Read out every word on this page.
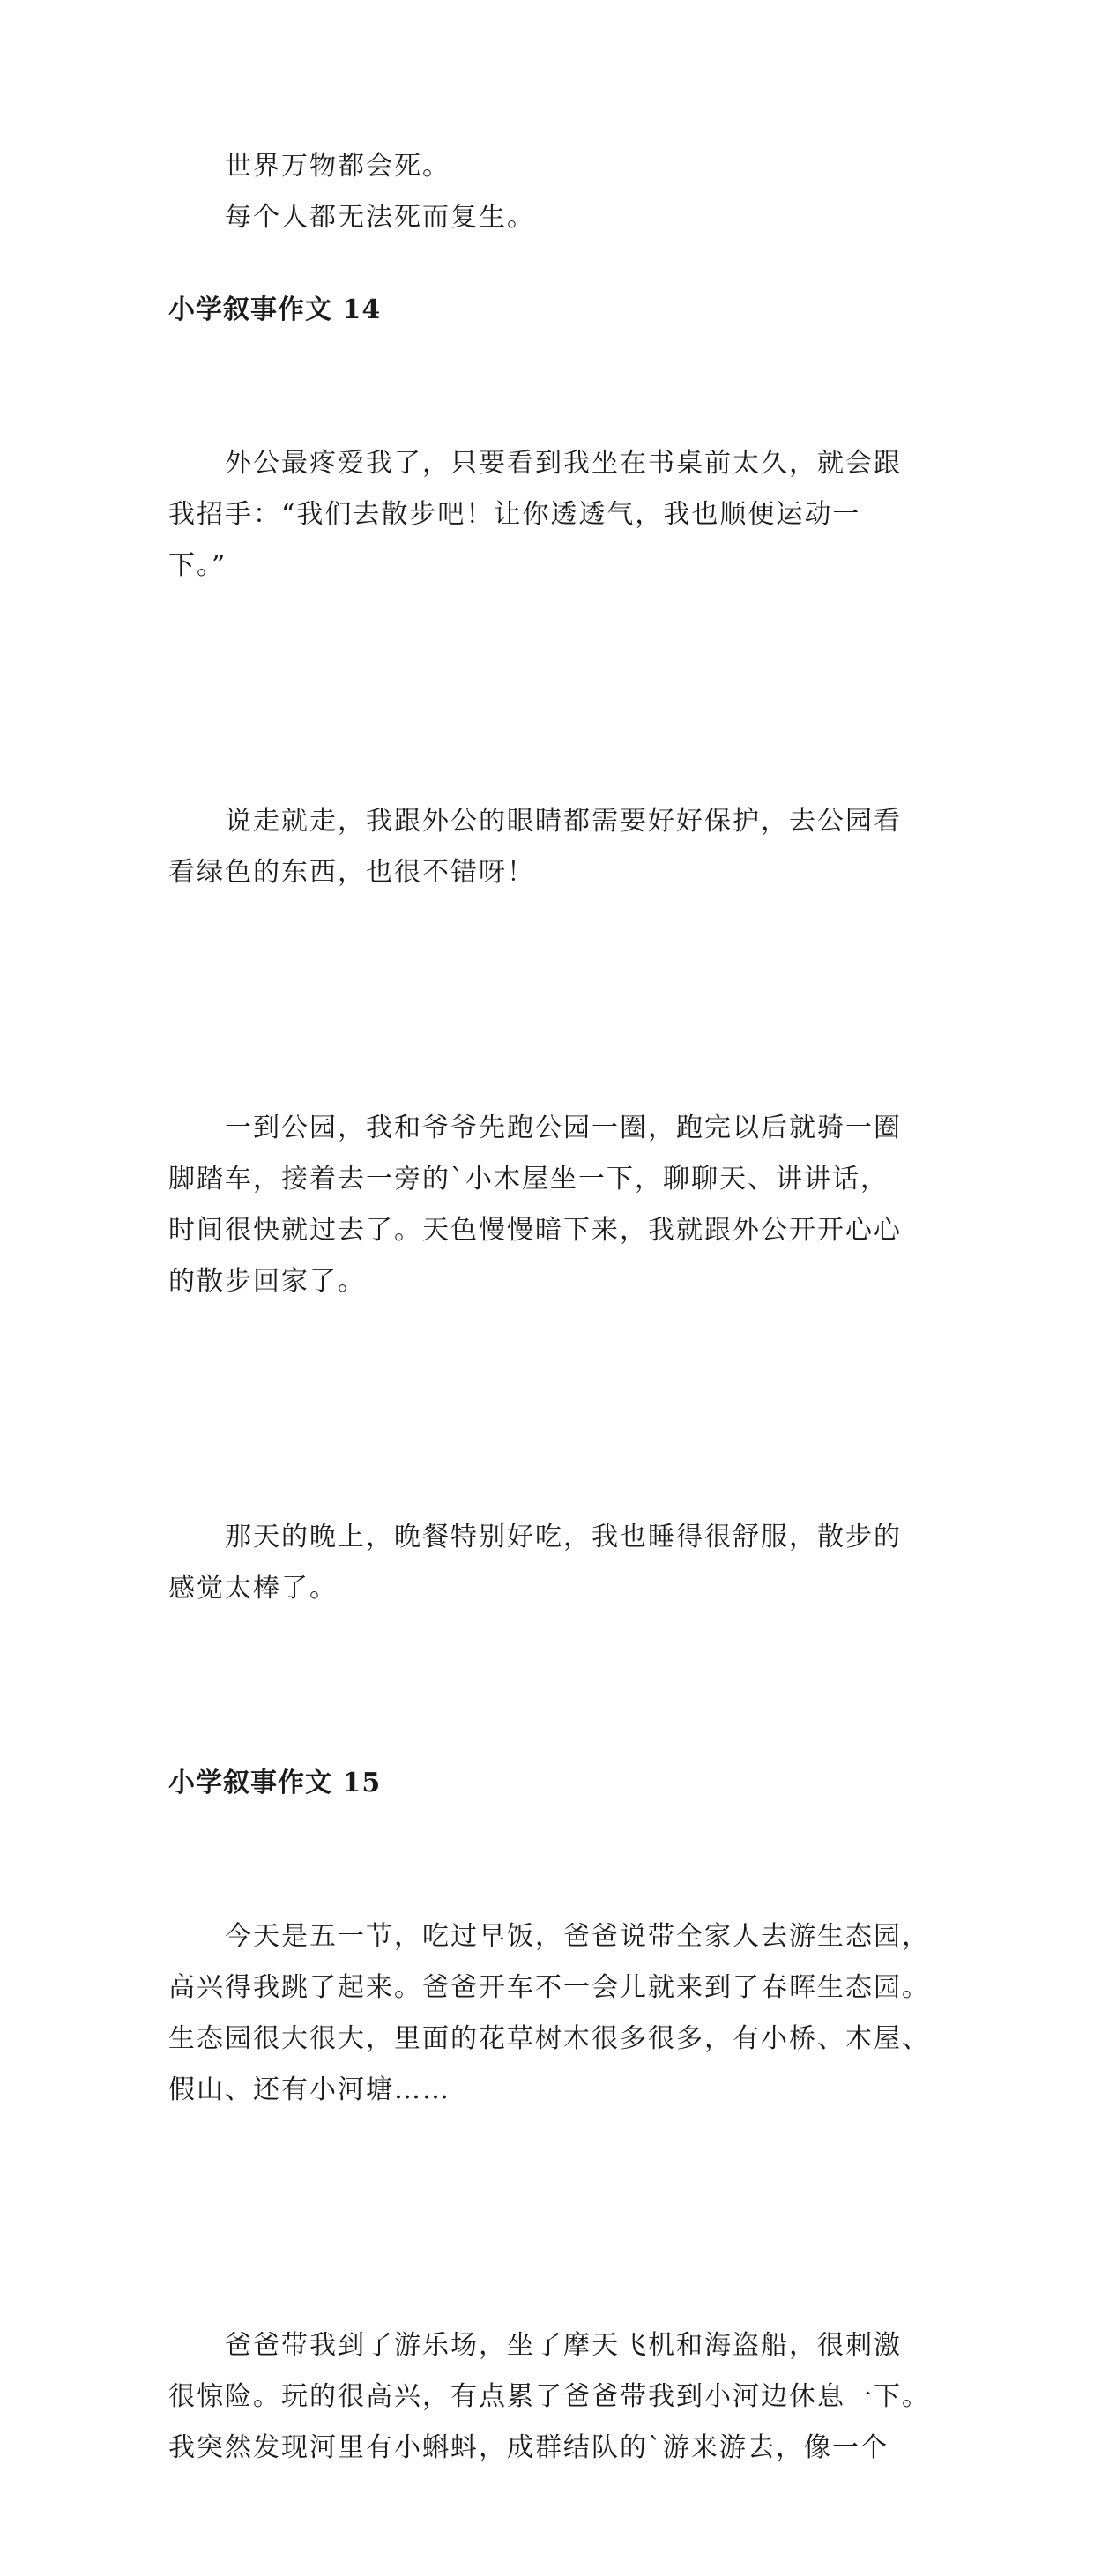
世界万物都会死。

每个人都无法死而复生。

小学叙事作文 14

外公最疼爱我了，只要看到我坐在书桌前太久，就会跟
我招手：“我们去散步吧！让你透透气，我也顺便运动一
下。”

说走就走，我跟外公的眼睛都需要好好保护，去公园看
看绿色的东西，也很不错呀！

一到公园，我和爷爷先跑公园一圈，跑完以后就骑一圈
脚踏车，接着去一旁的`小木屋坐一下，聊聊天、讲讲话，
时间很快就过去了。天色慢慢暗下来，我就跟外公开开心心
的散步回家了。

那天的晚上，晚餐特别好吃，我也睡得很舒服，散步的
感觉太棒了。

小学叙事作文 15

今天是五一节，吃过早饭，爸爸说带全家人去游生态园，
高兴得我跳了起来。爸爸开车不一会儿就来到了春晖生态园。
生态园很大很大，里面的花草树木很多很多，有小桥、木屋、
假山、还有小河塘……

爸爸带我到了游乐场，坐了摩天飞机和海盗船，很刺激
很惊险。玩的很高兴，有点累了爸爸带我到小河边休息一下。
我突然发现河里有小蝌蚪，成群结队的`游来游去，像一个
